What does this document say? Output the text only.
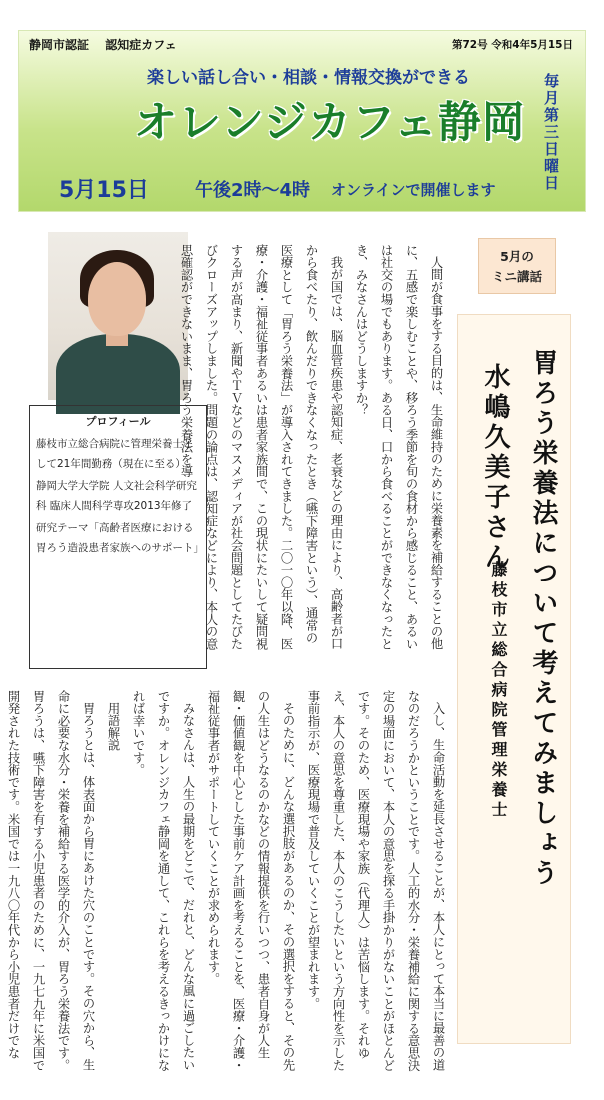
静岡市認証 認知症カフェ	第72号 令和4年5月15日
楽しい話し合い・相談・情報交換ができる
オレンジカフェ静岡 毎月第三日曜日
5月15日	午後2時〜4時 オンラインで開催します
プロフィール

藤枝市立総合病院に管理栄養士として21年間勤務（現在に至る）

静岡大学大学院 人文社会科学研究科 臨床人間科学専攻2013年修了

研究テーマ「高齢者医療における胃ろう造設患者家族へのサポート」	人間が食事をする目的は、生命維持のために栄養素を補給することの他に、五感で楽しむことや、移ろう季節を旬の食材から感じること、あるいは社交の場でもあります。ある日、口から食べることができなくなったとき、みなさんはどうしますか？

我が国では、脳血管疾患や認知症、老衰などの理由により、高齢者が口から食べたり、飲んだりできなくなったとき（嚥下障害という）、通常の医療として「胃ろう栄養法」が導入されてきました。二〇一〇年以降、医療・介護・福祉従事者あるいは患者家族間で、この現状にたいして疑問視する声が高まり、新聞やＴＶなどのマスメディアが社会問題としてたびたびクローズアップしました。問題の論点は、認知症などにより、本人の意思確認ができないまま、胃ろう栄養法を導

入し、生命活動を延長させることが、本人にとって本当に最善の道なのだろうかということです。人工的水分・栄養補給に関する意思決定の場面において、本人の意思を探る手掛かりがないことがほとんどです。そのため、医療現場や家族（代理人）は苦悩します。それゆえ、本人の意思を尊重した、本人のこうしたいという方向性を示した事前指示が、医療現場で普及していくことが望まれます。

そのために、どんな選択肢があるのか、その選択をすると、その先の人生はどうなるのかなどの情報提供を行いつつ、患者自身が人生観・価値観を中心とした事前ケア計画を考えることを、医療・介護・福祉従事者がサポートしていくことが求められます。

みなさんは、人生の最期をどこで、だれと、どんな風に過ごしたいですか。オレンジカフェ静岡を通して、これらを考えるきっかけになれば幸いです。

用語解説

胃ろうとは、体表面から胃にあけた穴のことです。その穴から、生命に必要な水分・栄養を補給する医学的介入が、胃ろう栄養法です。胃ろうは、嚥下障害を有する小児患者のために、一九七九年に米国で開発された技術です。米国では一九八〇年代から小児患者だけでな

5月の
ミニ講話
胃ろう栄養法について考えてみましょう
水嶋久美子さん
藤枝市立総合病院管理栄養士
